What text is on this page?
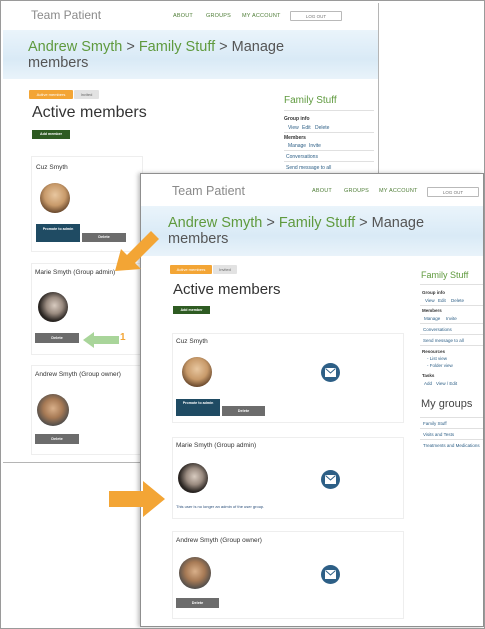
Team Patient	ABOUT GROUPS MY ACCOUNT	LOG OUT
Andrew Smyth > Family Stuff > Manage members
Active members	Invited
Active members
Add member
Cuz Smyth
Promote to admin
Delete
Marie Smyth (Group admin)
Delete
Andrew Smyth (Group owner)
Delete
Family Stuff
Group info
View Edit Delete
Members
Manage Invite
Conversations
Send message to all
1
Team Patient	ABOUT GROUPS MY ACCOUNT	LOG OUT
Andrew Smyth > Family Stuff > Manage members
Active members	Invited
Active members
Add member
Cuz Smyth
Promote to admin
Delete
Marie Smyth (Group admin)
This user is no longer an admin of the user group.
Andrew Smyth (Group owner)
Delete
Family Stuff
Group info
View Edit Delete
Members
Manage Invite
Conversations
Send message to all
Resources
- List view
- Folder view
Tasks
Add View / Edit
My groups
Family Stuff
Visits and Tests
Treatments and Medications
